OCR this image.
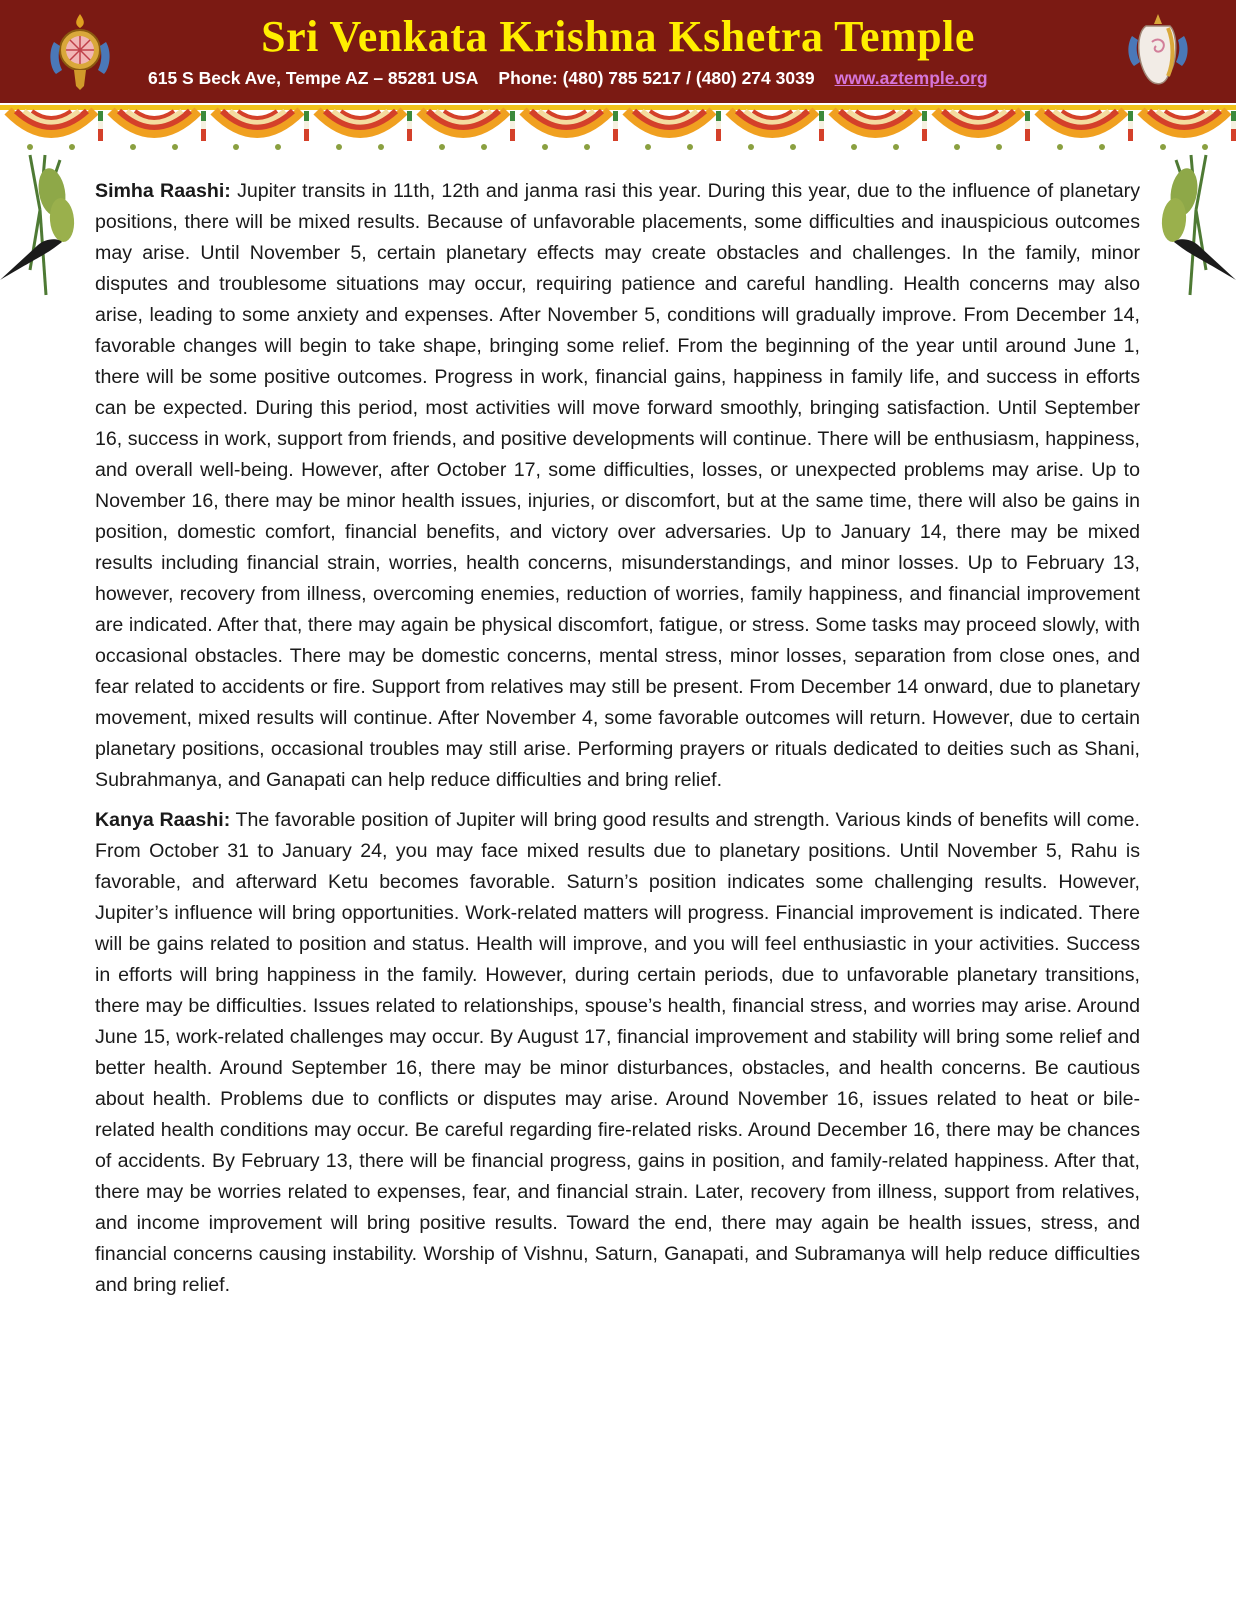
Sri Venkata Krishna Kshetra Temple
615 S Beck Ave, Tempe AZ – 85281 USA Phone: (480) 785 5217 / (480) 274 3039 www.aztemple.org

Simha Raashi: Jupiter transits in 11th, 12th and janma rasi this year. During this year, due to the influence of planetary positions, there will be mixed results. Because of unfavorable placements, some difficulties and inauspicious outcomes may arise. Until November 5, certain planetary effects may create obstacles and challenges. In the family, minor disputes and troublesome situations may occur, requiring patience and careful handling. Health concerns may also arise, leading to some anxiety and expenses. After November 5, conditions will gradually improve. From December 14, favorable changes will begin to take shape, bringing some relief. From the beginning of the year until around June 1, there will be some positive outcomes. Progress in work, financial gains, happiness in family life, and success in efforts can be expected. During this period, most activities will move forward smoothly, bringing satisfaction. Until September 16, success in work, support from friends, and positive developments will continue. There will be enthusiasm, happiness, and overall well-being. However, after October 17, some difficulties, losses, or unexpected problems may arise. Up to November 16, there may be minor health issues, injuries, or discomfort, but at the same time, there will also be gains in position, domestic comfort, financial benefits, and victory over adversaries. Up to January 14, there may be mixed results including financial strain, worries, health concerns, misunderstandings, and minor losses. Up to February 13, however, recovery from illness, overcoming enemies, reduction of worries, family happiness, and financial improvement are indicated. After that, there may again be physical discomfort, fatigue, or stress. Some tasks may proceed slowly, with occasional obstacles. There may be domestic concerns, mental stress, minor losses, separation from close ones, and fear related to accidents or fire. Support from relatives may still be present. From December 14 onward, due to planetary movement, mixed results will continue. After November 4, some favorable outcomes will return. However, due to certain planetary positions, occasional troubles may still arise. Performing prayers or rituals dedicated to deities such as Shani, Subrahmanya, and Ganapati can help reduce difficulties and bring relief.

Kanya Raashi: The favorable position of Jupiter will bring good results and strength. Various kinds of benefits will come. From October 31 to January 24, you may face mixed results due to planetary positions. Until November 5, Rahu is favorable, and afterward Ketu becomes favorable. Saturn’s position indicates some challenging results. However, Jupiter’s influence will bring opportunities. Work-related matters will progress. Financial improvement is indicated. There will be gains related to position and status. Health will improve, and you will feel enthusiastic in your activities. Success in efforts will bring happiness in the family. However, during certain periods, due to unfavorable planetary transitions, there may be difficulties. Issues related to relationships, spouse’s health, financial stress, and worries may arise. Around June 15, work-related challenges may occur. By August 17, financial improvement and stability will bring some relief and better health. Around September 16, there may be minor disturbances, obstacles, and health concerns. Be cautious about health. Problems due to conflicts or disputes may arise. Around November 16, issues related to heat or bile-related health conditions may occur. Be careful regarding fire-related risks. Around December 16, there may be chances of accidents. By February 13, there will be financial progress, gains in position, and family-related happiness. After that, there may be worries related to expenses, fear, and financial strain. Later, recovery from illness, support from relatives, and income improvement will bring positive results. Toward the end, there may again be health issues, stress, and financial concerns causing instability. Worship of Vishnu, Saturn, Ganapati, and Subramanya will help reduce difficulties and bring relief.
